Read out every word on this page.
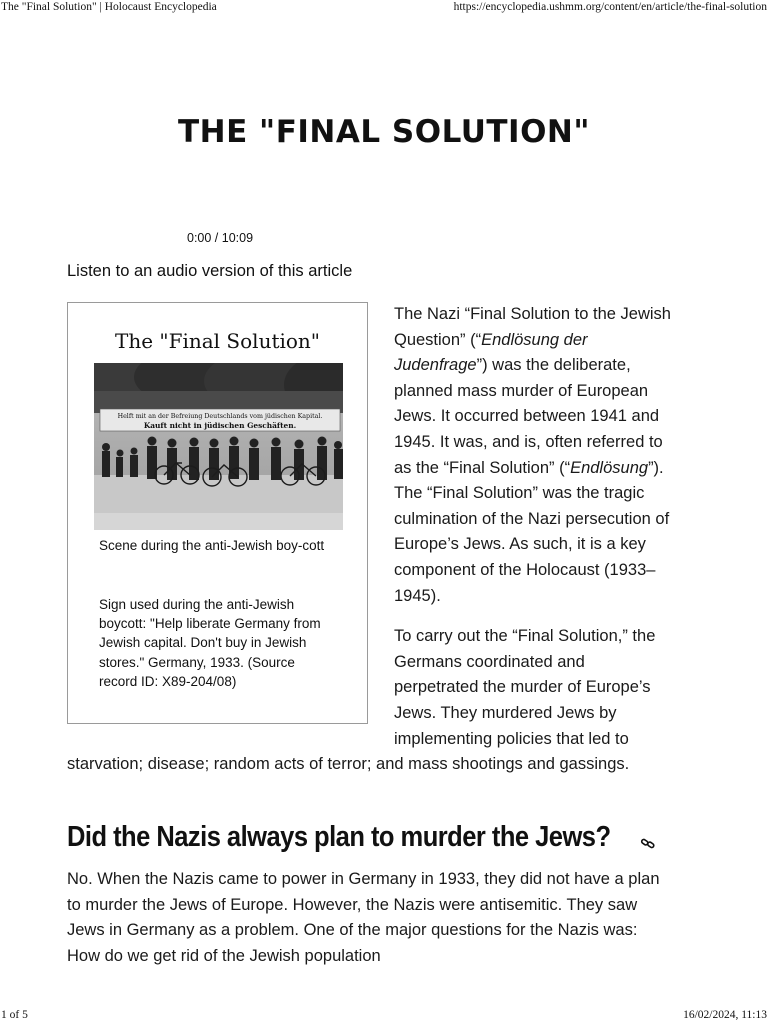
The "Final Solution" | Holocaust Encyclopedia	https://encyclopedia.ushmm.org/content/en/article/the-final-solution
THE "FINAL SOLUTION"
0:00 / 10:09
Listen to an audio version of this article
The "Final Solution"
Helft mit an der Befreiung Deutschlands vom jüdischen Kapital.
Kauft nicht in jüdischen Geschäften.
Scene during the anti-Jewish boy-cott
Sign used during the anti-Jewish boycott: "Help liberate Germany from Jewish capital. Don't buy in Jewish stores." Germany, 1933. (Source record ID: X89-204/08)

The Nazi “Final Solution to the Jewish Question” (“Endlösung der Judenfrage”) was the deliberate, planned mass murder of European Jews. It occurred between 1941 and 1945. It was, and is, often referred to as the “Final Solution” (“Endlösung”). The “Final Solution” was the tragic culmination of the Nazi persecution of Europe’s Jews. As such, it is a key component of the Holocaust (1933–1945).

To carry out the “Final Solution,” the Germans coordinated and perpetrated the murder of Europe’s Jews. They murdered Jews by implementing policies that led to starvation; disease; random acts of terror; and mass shootings and gassings.

Did the Nazis always plan to murder the Jews?

No. When the Nazis came to power in Germany in 1933, they did not have a plan to murder the Jews of Europe. However, the Nazis were antisemitic. They saw Jews in Germany as a problem. One of the major questions for the Nazis was: How do we get rid of the Jewish population

1 of 5	16/02/2024, 11:13
